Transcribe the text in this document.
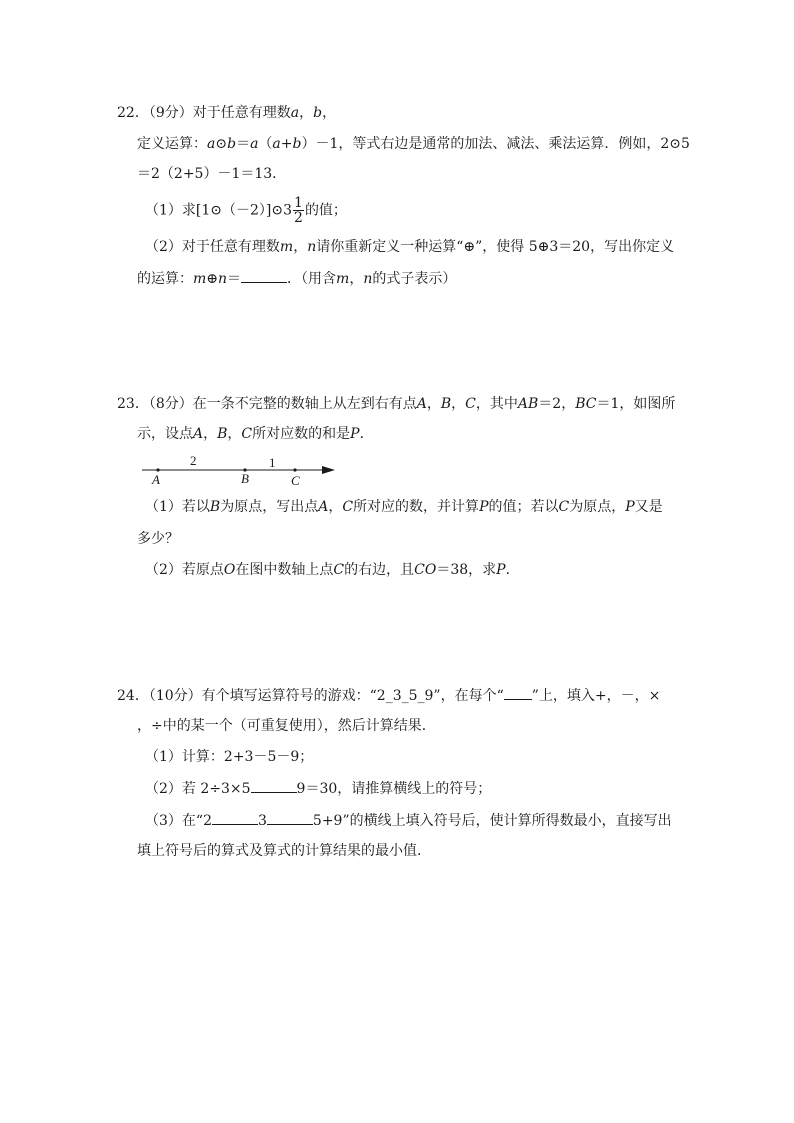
22．（9分）对于任意有理数a，b，
定义运算：a⊙b＝a（a+b）－1，等式右边是通常的加法、减法、乘法运算．例如，2⊙5
＝2（2+5）－1＝13．
（1）求[1⊙（－2）]⊙3 $\frac{1}{2}$ 的值；
（2）对于任意有理数m，n请你重新定义一种运算“⊕”，使得 5⊕3＝20，写出你定义
的运算：m⊕n＝	．（用含m，n的式子表示）
23．（8分）在一条不完整的数轴上从左到右有点A，B，C，其中AB＝2，BC＝1，如图所
示，设点A，B，C所对应数的和是P．
2	1
A	B	C
（1）若以B为原点，写出点A，C所对应的数，并计算P的值；若以C为原点，P又是
多少？
（2）若原点O在图中数轴上点C的右边，且CO＝38，求P．
24．（10分）有个填写运算符号的游戏：“2_3_5_9”，在每个“ ”上，填入+，－，×
，÷中的某一个（可重复使用），然后计算结果．
（1）计算：2+3－5－9；
（2）若 2÷3×5	9＝30，请推算横线上的符号；
（3）在“2	3	5+9”的横线上填入符号后，使计算所得数最小，直接写出
填上符号后的算式及算式的计算结果的最小值．
